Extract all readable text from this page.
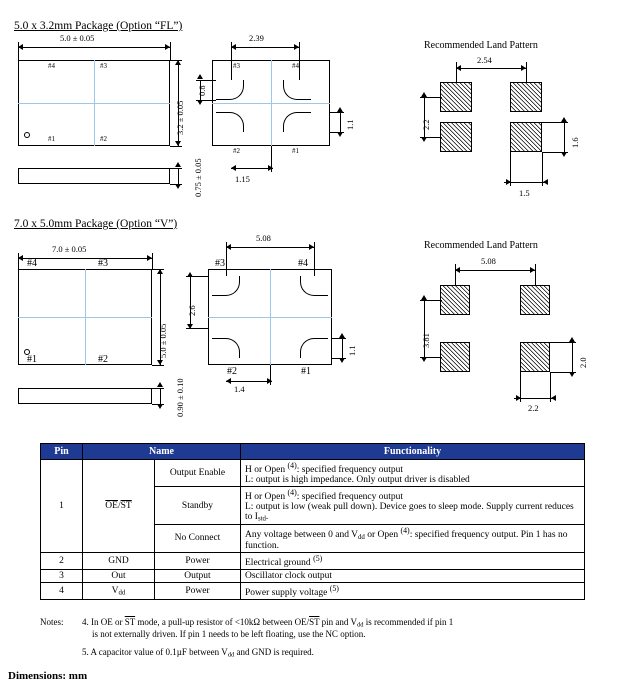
5.0 x 3.2mm Package (Option “FL”)
5.0 ± 0.05
#4	#3
#1	#2
3.2 ± 0.05
0.75 ± 0.05
#3	#4
#2	#1
2.39
0.8
1.1
1.15
Recommended Land Pattern
2.54
2.2
1.6
1.5
7.0 x 5.0mm Package (Option “V”)
7.0 ± 0.05
#4	#3
#1	#2
5.0 ± 0.05
0.90 ± 0.10
#3	#4
#2	#1
5.08
2.6
1.1
1.4
Recommended Land Pattern
5.08
3.81
2.0
2.2
Pin	Name		Functionality
1	$\overline{OE}/\overline{ST}$	Output Enable	H or Open $^{(4)}$: specified frequency output
L: output is high impedance. Only output driver is disabled
		Standby	H or Open $^{(4)}$: specified frequency output
L: output is low (weak pull down). Device goes to sleep mode. Supply current reduces to $I_{std}$.
		No Connect	Any voltage between 0 and $V_{dd}$ or Open $^{(4)}$: specified frequency output. Pin 1 has no function.
2	GND	Power	Electrical ground $^{(5)}$
3	Out	Output	Oscillator clock output
4	$V_{dd}$	Power	Power supply voltage $^{(5)}$
Notes: 4. In OE or $\overline{ST}$ mode, a pull-up resistor of <10kΩ between $OE/\overline{ST}$ pin and $V_{dd}$ is recommended if pin 1
is not externally driven. If pin 1 needs to be left floating, use the NC option.
5. A capacitor value of 0.1µF between $V_{dd}$ and GND is required.
Dimensions: mm
